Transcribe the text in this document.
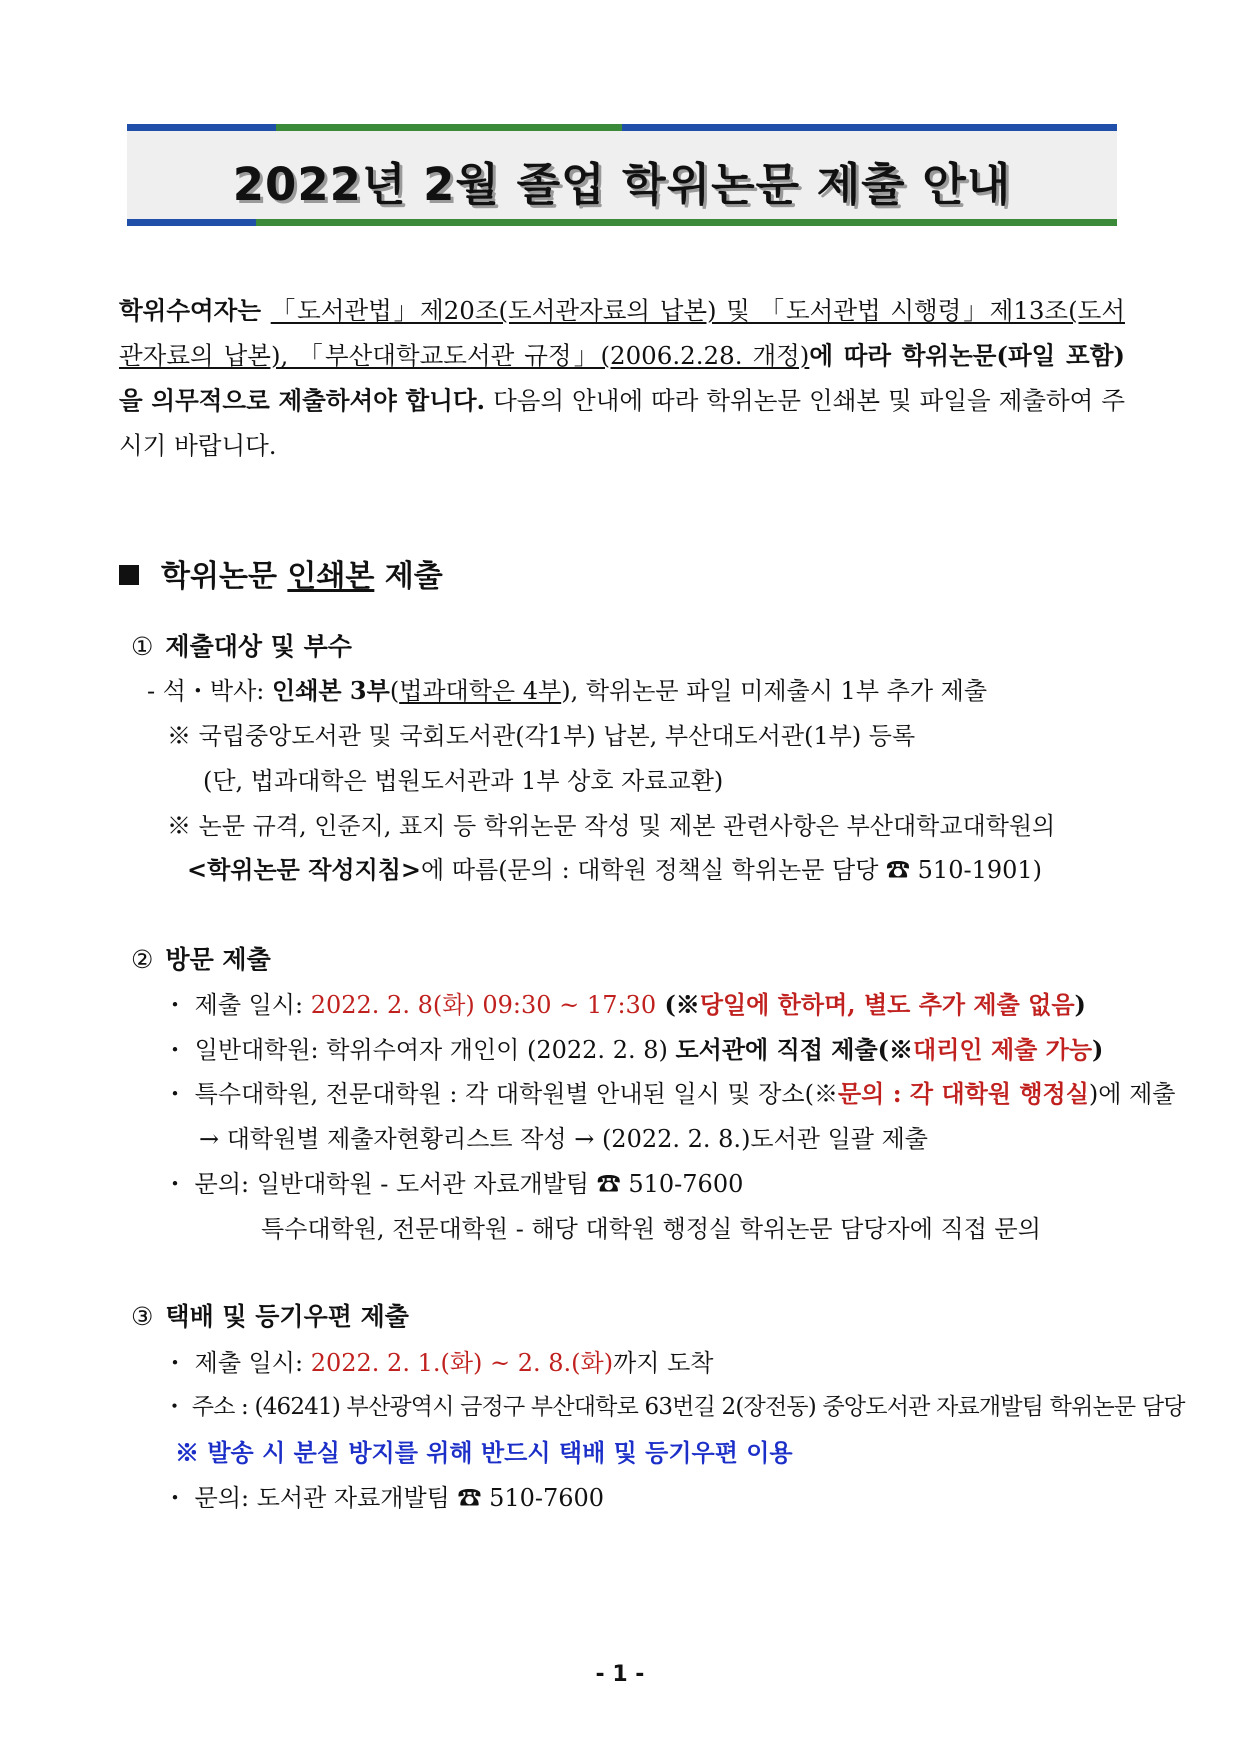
2022년 2월 졸업 학위논문 제출 안내
학위수여자는 「도서관법」제20조(도서관자료의 납본) 및 「도서관법 시행령」제13조(도서관자료의 납본), 「부산대학교도서관 규정」(2006.2.28. 개정)에 따라 학위논문(파일 포함)을 의무적으로 제출하셔야 합니다. 다음의 안내에 따라 학위논문 인쇄본 및 파일을 제출하여 주시기 바랍니다.
학위논문 인쇄본 제출
① 제출대상 및 부수
- 석・박사: 인쇄본 3부(법과대학은 4부), 학위논문 파일 미제출시 1부 추가 제출
※ 국립중앙도서관 및 국회도서관(각1부) 납본, 부산대도서관(1부) 등록
(단, 법과대학은 법원도서관과 1부 상호 자료교환)
※ 논문 규격, 인준지, 표지 등 학위논문 작성 및 제본 관련사항은 부산대학교대학원의
<학위논문 작성지침>에 따름(문의 : 대학원 정책실 학위논문 담당 ☎ 510-1901)
② 방문 제출
・ 제출 일시: 2022. 2. 8(화) 09:30 ~ 17:30 (※당일에 한하며, 별도 추가 제출 없음)
・ 일반대학원: 학위수여자 개인이 (2022. 2. 8) 도서관에 직접 제출(※대리인 제출 가능)
・ 특수대학원, 전문대학원 : 각 대학원별 안내된 일시 및 장소(※문의 : 각 대학원 행정실)에 제출
→ 대학원별 제출자현황리스트 작성 → (2022. 2. 8.)도서관 일괄 제출
・ 문의: 일반대학원 - 도서관 자료개발팀 ☎ 510-7600
특수대학원, 전문대학원 - 해당 대학원 행정실 학위논문 담당자에 직접 문의
③ 택배 및 등기우편 제출
・ 제출 일시: 2022. 2. 1.(화) ~ 2. 8.(화)까지 도착
・ 주소 : (46241) 부산광역시 금정구 부산대학로 63번길 2(장전동) 중앙도서관 자료개발팀 학위논문 담당
※ 발송 시 분실 방지를 위해 반드시 택배 및 등기우편 이용
・ 문의: 도서관 자료개발팀 ☎ 510-7600
- 1 -
